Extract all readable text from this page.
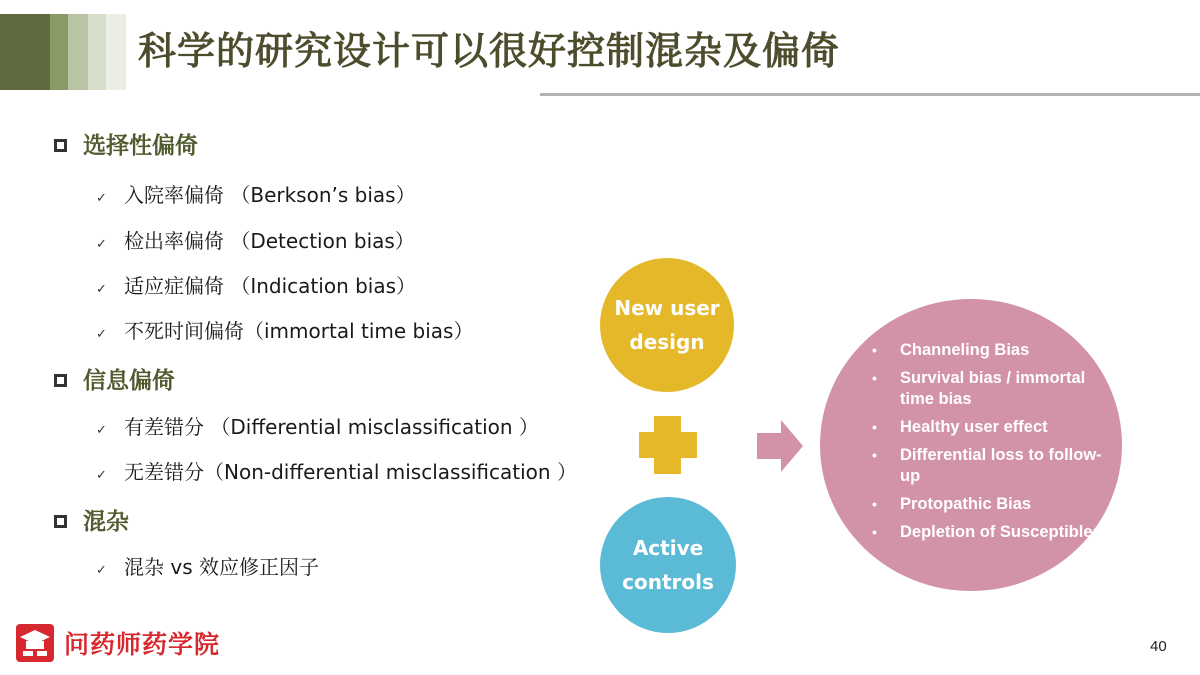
科学的研究设计可以很好控制混杂及偏倚
选择性偏倚
✓ 入院率偏倚 （Berkson’s bias）
✓ 检出率偏倚 （Detection bias）
✓ 适应症偏倚 （Indication bias）
✓ 不死时间偏倚（immortal time bias）
信息偏倚
✓ 有差错分 （Differential misclassification ）
✓ 无差错分（Non-differential misclassification ）
混杂
✓ 混杂 vs 效应修正因子
New user design
Active controls
• Channeling Bias
• Survival bias / immortal time bias
• Healthy user effect
• Differential loss to follow-up
• Protopathic Bias
• Depletion of Susceptibles
问药师药学院	40
